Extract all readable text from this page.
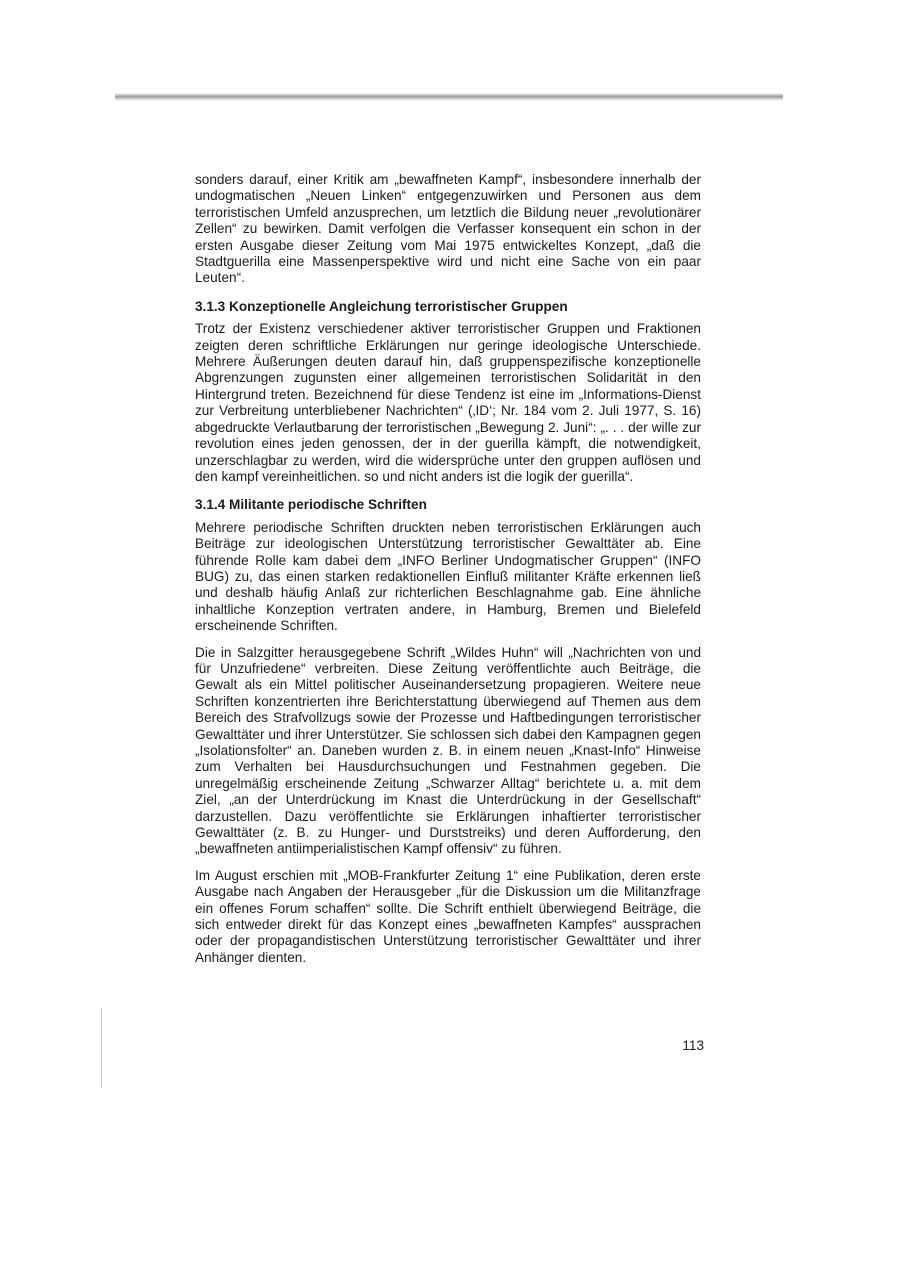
sonders darauf, einer Kritik am „bewaffneten Kampf“, insbesondere innerhalb der undogmatischen „Neuen Linken“ entgegenzuwirken und Personen aus dem terroristischen Umfeld anzusprechen, um letztlich die Bildung neuer „revolutionärer Zellen“ zu bewirken. Damit verfolgen die Verfasser konsequent ein schon in der ersten Ausgabe dieser Zeitung vom Mai 1975 entwickeltes Konzept, „daß die Stadtguerilla eine Massenperspektive wird und nicht eine Sache von ein paar Leuten“.

3.1.3 Konzeptionelle Angleichung terroristischer Gruppen

Trotz der Existenz verschiedener aktiver terroristischer Gruppen und Fraktionen zeigten deren schriftliche Erklärungen nur geringe ideologische Unterschiede. Mehrere Äußerungen deuten darauf hin, daß gruppenspezifische konzeptionelle Abgrenzungen zugunsten einer allgemeinen terroristischen Solidarität in den Hintergrund treten. Bezeichnend für diese Tendenz ist eine im „Informations-Dienst zur Verbreitung unterbliebener Nachrichten“ (‚ID‘; Nr. 184 vom 2. Juli 1977, S. 16) abgedruckte Verlautbarung der terroristischen „Bewegung 2. Juni“: „. . . der wille zur revolution eines jeden genossen, der in der guerilla kämpft, die notwendigkeit, unzerschlagbar zu werden, wird die widersprüche unter den gruppen auflösen und den kampf vereinheitlichen. so und nicht anders ist die logik der guerilla“.

3.1.4 Militante periodische Schriften

Mehrere periodische Schriften druckten neben terroristischen Erklärungen auch Beiträge zur ideologischen Unterstützung terroristischer Gewalttäter ab. Eine führende Rolle kam dabei dem „INFO Berliner Undogmatischer Gruppen“ (INFO BUG) zu, das einen starken redaktionellen Einfluß militanter Kräfte erkennen ließ und deshalb häufig Anlaß zur richterlichen Beschlagnahme gab. Eine ähnliche inhaltliche Konzeption vertraten andere, in Hamburg, Bremen und Bielefeld erscheinende Schriften.

Die in Salzgitter herausgegebene Schrift „Wildes Huhn“ will „Nachrichten von und für Unzufriedene“ verbreiten. Diese Zeitung veröffentlichte auch Beiträge, die Gewalt als ein Mittel politischer Auseinandersetzung propagieren. Weitere neue Schriften konzentrierten ihre Berichterstattung überwiegend auf Themen aus dem Bereich des Strafvollzugs sowie der Prozesse und Haftbedingungen terroristischer Gewalttäter und ihrer Unterstützer. Sie schlossen sich dabei den Kampagnen gegen „Isolationsfolter“ an. Daneben wurden z. B. in einem neuen „Knast-Info“ Hinweise zum Verhalten bei Hausdurchsuchungen und Festnahmen gegeben. Die unregelmäßig erscheinende Zeitung „Schwarzer Alltag“ berichtete u. a. mit dem Ziel, „an der Unterdrückung im Knast die Unterdrückung in der Gesellschaft“ darzustellen. Dazu veröffentlichte sie Erklärungen inhaftierter terroristischer Gewalttäter (z. B. zu Hunger- und Durststreiks) und deren Aufforderung, den „bewaffneten antiimperialistischen Kampf offensiv“ zu führen.

Im August erschien mit „MOB-Frankfurter Zeitung 1“ eine Publikation, deren erste Ausgabe nach Angaben der Herausgeber „für die Diskussion um die Militanzfrage ein offenes Forum schaffen“ sollte. Die Schrift enthielt überwiegend Beiträge, die sich entweder direkt für das Konzept eines „bewaffneten Kampfes“ aussprachen oder der propagandistischen Unterstützung terroristischer Gewalttäter und ihrer Anhänger dienten.

113
